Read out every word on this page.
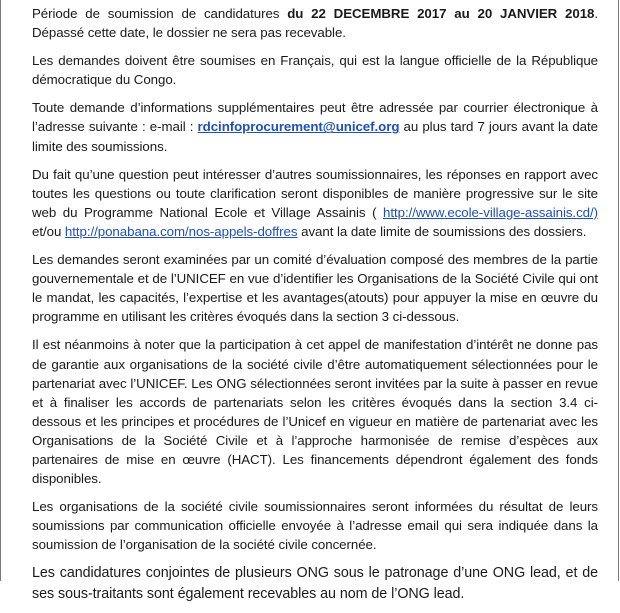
Période de soumission de candidatures du 22 DECEMBRE 2017 au 20 JANVIER 2018. Dépassé cette date, le dossier ne sera pas recevable.

Les demandes doivent être soumises en Français, qui est la langue officielle de la République démocratique du Congo.

Toute demande d’informations supplémentaires peut être adressée par courrier électronique à l’adresse suivante : e-mail : rdcinfoprocurement@unicef.org au plus tard 7 jours avant la date limite des soumissions.

Du fait qu’une question peut intéresser d’autres soumissionnaires, les réponses en rapport avec toutes les questions ou toute clarification seront disponibles de manière progressive sur le site web du Programme National Ecole et Village Assainis ( http://www.ecole-village-assainis.cd/) et/ou http://ponabana.com/nos-appels-doffres avant la date limite de soumissions des dossiers.

Les demandes seront examinées par un comité d’évaluation composé des membres de la partie gouvernementale et de l’UNICEF en vue d’identifier les Organisations de la Société Civile qui ont le mandat, les capacités, l’expertise et les avantages(atouts) pour appuyer la mise en œuvre du programme en utilisant les critères évoqués dans la section 3 ci-dessous.

Il est néanmoins à noter que la participation à cet appel de manifestation d’intérêt ne donne pas de garantie aux organisations de la société civile d’être automatiquement sélectionnées pour le partenariat avec l’UNICEF. Les ONG sélectionnées seront invitées par la suite à passer en revue et à finaliser les accords de partenariats selon les critères évoqués dans la section 3.4 ci-dessous et les principes et procédures de l’Unicef en vigueur en matière de partenariat avec les Organisations de la Société Civile et à l’approche harmonisée de remise d’espèces aux partenaires de mise en œuvre (HACT). Les financements dépendront également des fonds disponibles.

Les organisations de la société civile soumissionnaires seront informées du résultat de leurs soumissions par communication officielle envoyée à l’adresse email qui sera indiquée dans la soumission de l’organisation de la société civile concernée.

Les candidatures conjointes de plusieurs ONG sous le patronage d’une ONG lead, et de ses sous-traitants sont également recevables au nom de l’ONG lead.
